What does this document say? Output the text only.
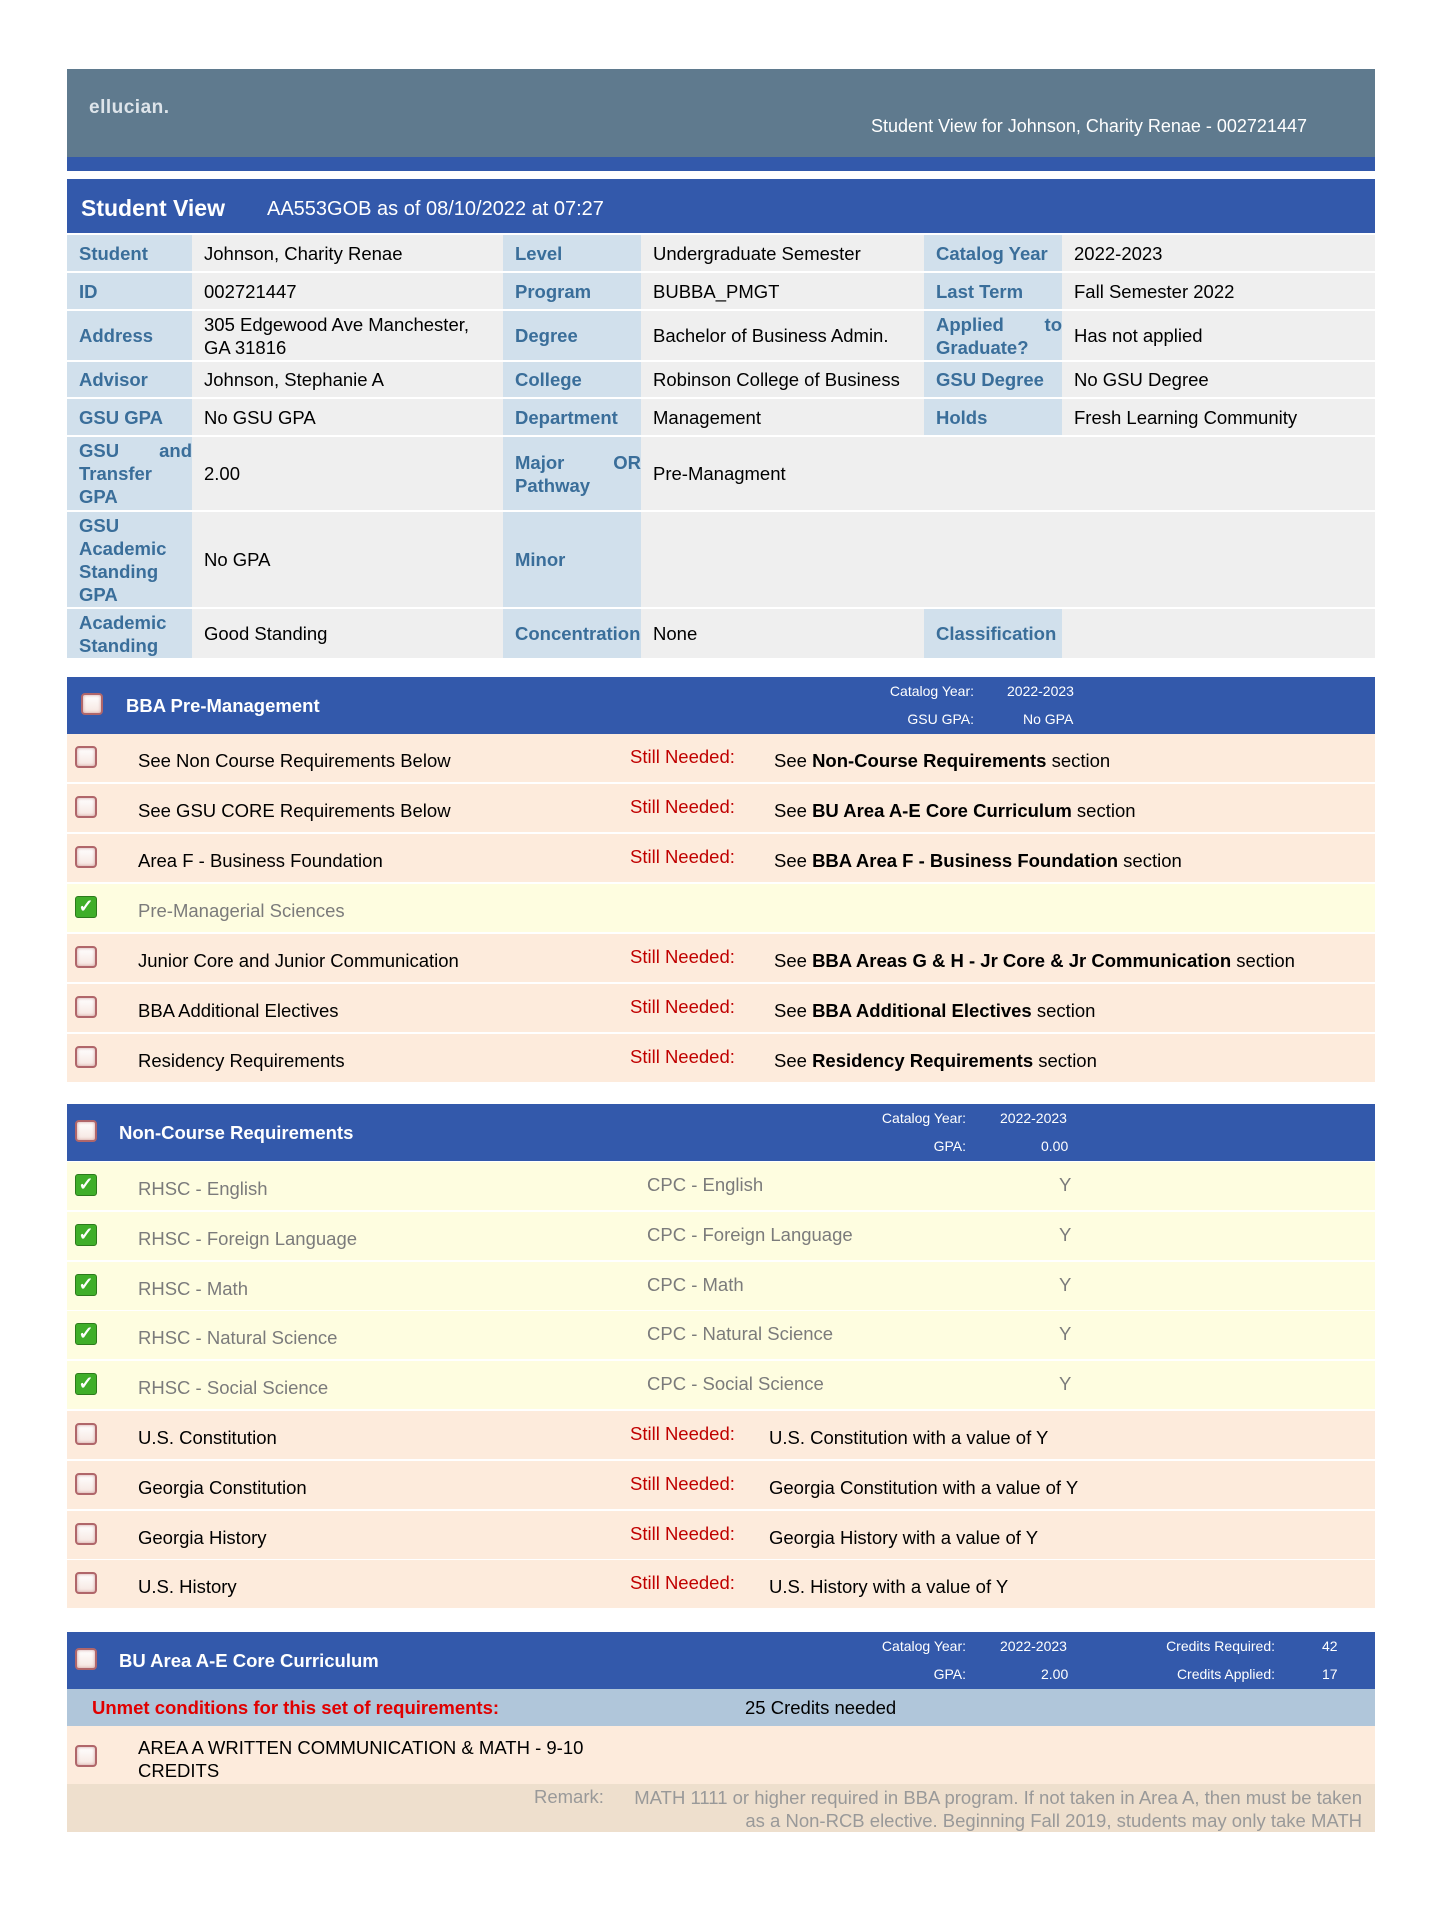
ellucian.
Student View for Johnson, Charity Renae - 002721447
Student View AA553GOB as of 08/10/2022 at 07:27
Student	Johnson, Charity Renae	Level	Undergraduate Semester	Catalog Year	2022-2023
ID	002721447	Program	BUBBA_PMGT	Last Term	Fall Semester 2022
Address	305 Edgewood Ave Manchester, GA 31816	Degree	Bachelor of Business Admin.	Applied to Graduate?	Has not applied
Advisor	Johnson, Stephanie A	College	Robinson College of Business	GSU Degree	No GSU Degree
GSU GPA	No GSU GPA	Department	Management	Holds	Fresh Learning Community
GSU and Transfer GPA	2.00	Major OR Pathway	Pre-Managment		
GSU Academic Standing GPA	No GPA	Minor			
Academic Standing	Good Standing	Concentration	None	Classification	
BBA Pre-Management
Catalog Year: 2022-2023
GSU GPA:	No GPA
See Non Course Requirements Below	Still Needed: See Non-Course Requirements section
See GSU CORE Requirements Below	Still Needed: See BU Area A-E Core Curriculum section
Area F - Business Foundation	Still Needed: See BBA Area F - Business Foundation section
✓ Pre-Managerial Sciences
Junior Core and Junior Communication	Still Needed: See BBA Areas G & H - Jr Core & Jr Communication section
BBA Additional Electives	Still Needed: See BBA Additional Electives section
Residency Requirements	Still Needed: See Residency Requirements section
Non-Course Requirements
Catalog Year: 2022-2023
GPA:	0.00
✓ RHSC - English	CPC - English	Y
✓ RHSC - Foreign Language	CPC - Foreign Language	Y
✓ RHSC - Math	CPC - Math	Y
✓ RHSC - Natural Science	CPC - Natural Science	Y
✓ RHSC - Social Science	CPC - Social Science	Y
U.S. Constitution	Still Needed: U.S. Constitution with a value of Y
Georgia Constitution	Still Needed: Georgia Constitution with a value of Y
Georgia History	Still Needed: Georgia History with a value of Y
U.S. History	Still Needed: U.S. History with a value of Y
BU Area A-E Core Curriculum
Catalog Year: 2022-2023
GPA:	2.00
Credits Required:	42
Credits Applied:	17
Unmet conditions for this set of requirements:	25 Credits needed
AREA A WRITTEN COMMUNICATION & MATH - 9-10 CREDITS
Remark:	MATH 1111 or higher required in BBA program. If not taken in Area A, then must be taken as a Non-RCB elective. Beginning Fall 2019, students may only take MATH
